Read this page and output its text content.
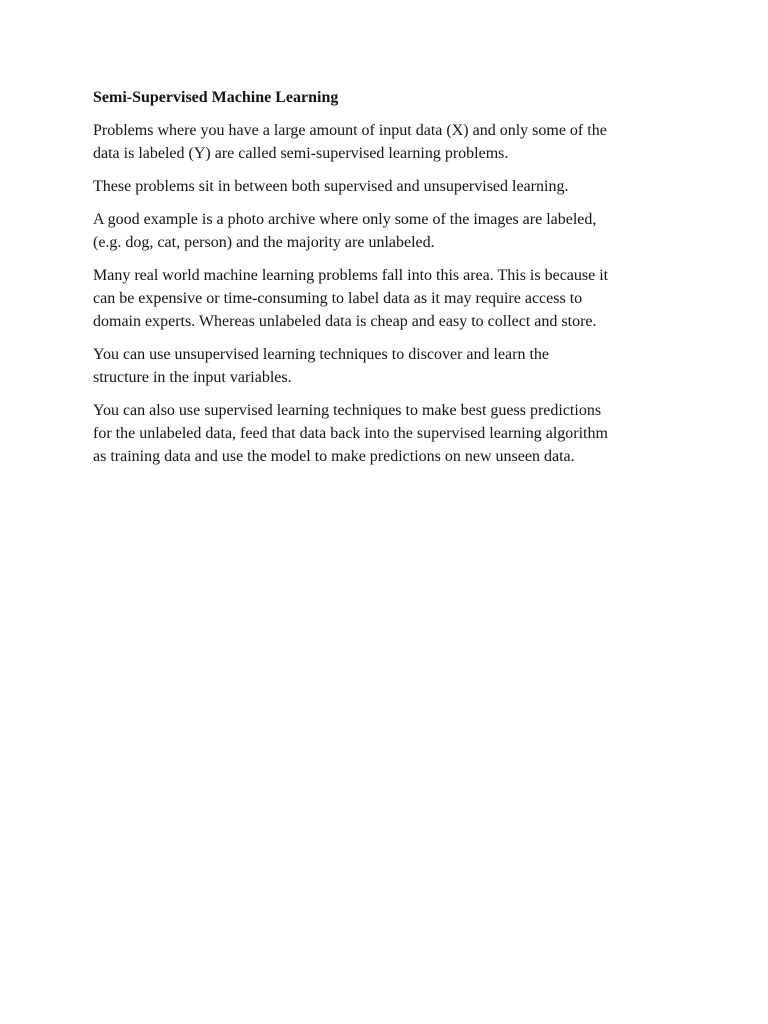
Semi-Supervised Machine Learning

Problems where you have a large amount of input data (X) and only some of the
data is labeled (Y) are called semi-supervised learning problems.

These problems sit in between both supervised and unsupervised learning.

A good example is a photo archive where only some of the images are labeled,
(e.g. dog, cat, person) and the majority are unlabeled.

Many real world machine learning problems fall into this area. This is because it
can be expensive or time-consuming to label data as it may require access to
domain experts. Whereas unlabeled data is cheap and easy to collect and store.

You can use unsupervised learning techniques to discover and learn the
structure in the input variables.

You can also use supervised learning techniques to make best guess predictions
for the unlabeled data, feed that data back into the supervised learning algorithm
as training data and use the model to make predictions on new unseen data.
